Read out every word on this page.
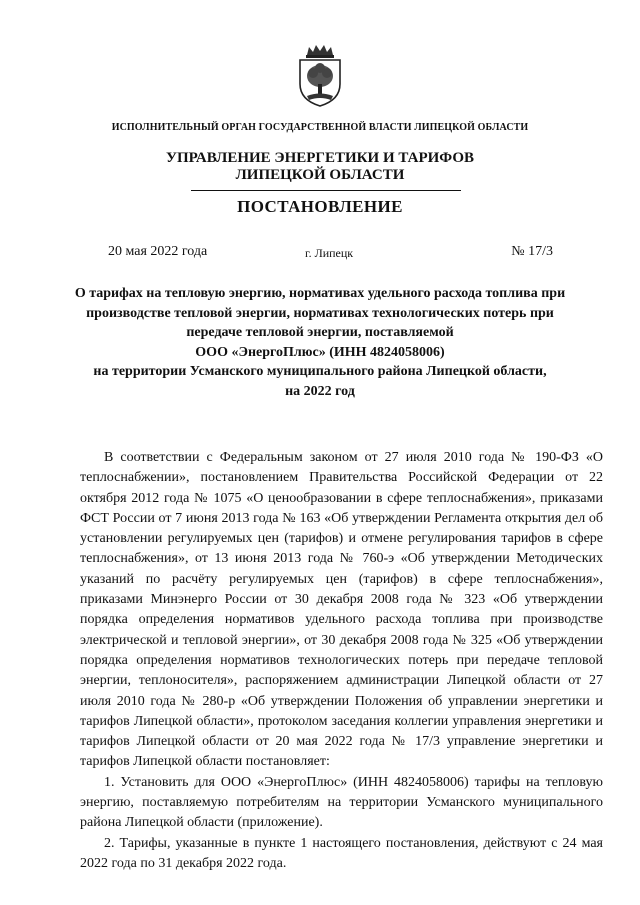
ИСПОЛНИТЕЛЬНЫЙ ОРГАН ГОСУДАРСТВЕННОЙ ВЛАСТИ ЛИПЕЦКОЙ ОБЛАСТИ
УПРАВЛЕНИЕ ЭНЕРГЕТИКИ И ТАРИФОВ
ЛИПЕЦКОЙ ОБЛАСТИ
ПОСТАНОВЛЕНИЕ
20 мая 2022 года	г. Липецк	№ 17/3
О тарифах на тепловую энергию, нормативах удельного расхода топлива при
производстве тепловой энергии, нормативах технологических потерь при
передаче тепловой энергии, поставляемой
ООО «ЭнергоПлюс» (ИНН 4824058006)
на территории Усманского муниципального района Липецкой области,
на 2022 год

В соответствии с Федеральным законом от 27 июля 2010 года № 190-ФЗ «О теплоснабжении», постановлением Правительства Российской Федерации от 22 октября 2012 года № 1075 «О ценообразовании в сфере теплоснабжения», приказами ФСТ России от 7 июня 2013 года № 163 «Об утверждении Регламента открытия дел об установлении регулируемых цен (тарифов) и отмене регулирования тарифов в сфере теплоснабжения», от 13 июня 2013 года № 760-э «Об утверждении Методических указаний по расчёту регулируемых цен (тарифов) в сфере теплоснабжения», приказами Минэнерго России от 30 декабря 2008 года № 323 «Об утверждении порядка определения нормативов удельного расхода топлива при производстве электрической и тепловой энергии», от 30 декабря 2008 года № 325 «Об утверждении порядка определения нормативов технологических потерь при передаче тепловой энергии, теплоносителя», распоряжением администрации Липецкой области от 27 июля 2010 года № 280-р «Об утверждении Положения об управлении энергетики и тарифов Липецкой области», протоколом заседания коллегии управления энергетики и тарифов Липецкой области от 20 мая 2022 года № 17/3 управление энергетики и тарифов Липецкой области постановляет:

1. Установить для ООО «ЭнергоПлюс» (ИНН 4824058006) тарифы на тепловую энергию, поставляемую потребителям на территории Усманского муниципального района Липецкой области (приложение).

2. Тарифы, указанные в пункте 1 настоящего постановления, действуют с 24 мая 2022 года по 31 декабря 2022 года.
